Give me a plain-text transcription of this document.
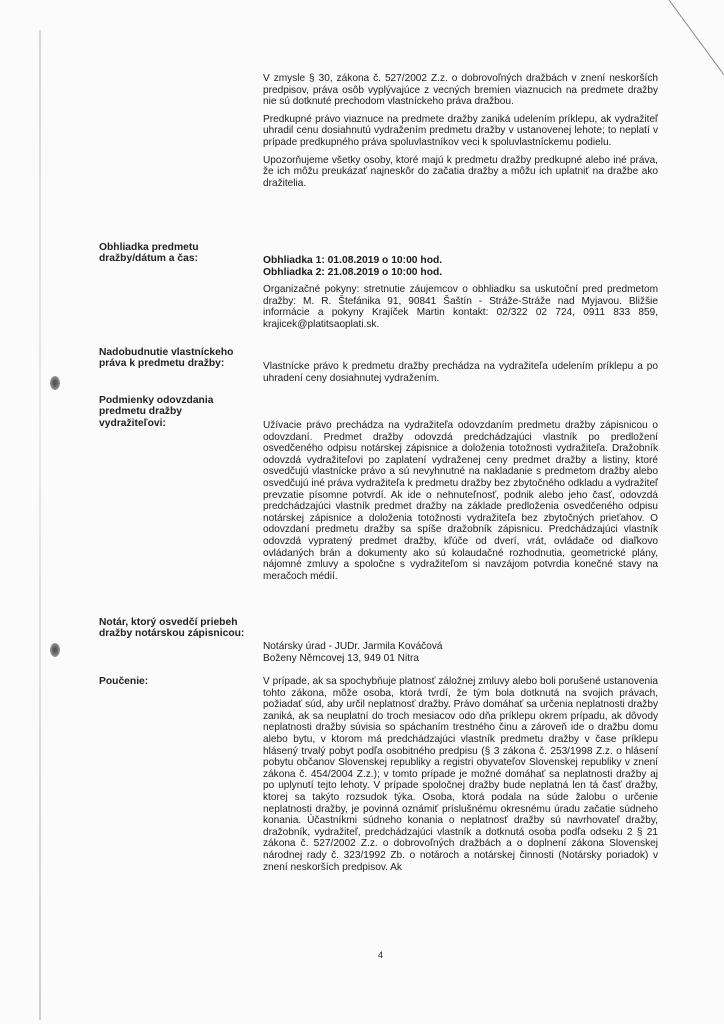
V zmysle § 30, zákona č. 527/2002 Z.z. o dobrovoľných dražbách v znení neskorších predpisov, práva osôb vyplývajúce z vecných bremien viaznucich na predmete dražby nie sú dotknuté prechodom vlastníckeho práva dražbou.

Predkupné právo viaznuce na predmete dražby zaniká udelením príklepu, ak vydražiteľ uhradil cenu dosiahnutú vydražením predmetu dražby v ustanovenej lehote; to neplatí v prípade predkupného práva spoluvlastníkov veci k spoluvlastníckemu podielu.

Upozorňujeme všetky osoby, ktoré majú k predmetu dražby predkupné alebo iné práva, že ich môžu preukázať najneskôr do začatia dražby a môžu ich uplatniť na dražbe ako dražitelia.

Obhliadka predmetu dražby/dátum a čas:	Obhliadka 1: 01.08.2019 o 10:00 hod.
Obhliadka 2: 21.08.2019 o 10:00 hod.

Organizačné pokyny: stretnutie záujemcov o obhliadku sa uskutoční pred predmetom dražby: M. R. Štefánika 91, 90841 Šaštín - Stráže-Stráže nad Myjavou. Bližšie informácie a pokyny Krajíček Martin kontakt: 02/322 02 724, 0911 833 859, krajicek@platitsaoplati.sk.

Nadobudnutie vlastníckeho práva k predmetu dražby:	Vlastnícke právo k predmetu dražby prechádza na vydražiteľa udelením príklepu a po uhradení ceny dosiahnutej vydražením.

Podmienky odovzdania predmetu dražby vydražiteľovi:	Užívacie právo prechádza na vydražiteľa odovzdaním predmetu dražby zápisnicou o odovzdaní. Predmet dražby odovzdá predchádzajúci vlastník po predložení osvedčeného odpisu notárskej zápisnice a doloženia totožnosti vydražiteľa. Dražobník odovzdá vydražiteľovi po zaplatení vydraženej ceny predmet dražby a listiny, ktoré osvedčujú vlastnícke právo a sú nevyhnutné na nakladanie s predmetom dražby alebo osvedčujú iné práva vydražiteľa k predmetu dražby bez zbytočného odkladu a vydražiteľ prevzatie písomne potvrdí. Ak ide o nehnuteľnosť, podnik alebo jeho časť, odovzdá predchádzajúci vlastník predmet dražby na základe predloženia osvedčeného odpisu notárskej zápisnice a doloženia totožnosti vydražiteľa bez zbytočných prieťahov. O odovzdaní predmetu dražby sa spíše dražobník zápisnicu. Predchádzajúci vlastník odovzdá vypratený predmet dražby, kľúče od dverí, vrát, ovládače od diaľkovo ovládaných brán a dokumenty ako sú kolaudačné rozhodnutia, geometrické plány, nájomné zmluvy a spoločne s vydražiteľom si navzájom potvrdia konečné stavy na meračoch médií.

Notár, ktorý osvedčí priebeh dražby notárskou zápisnicou:
Notársky úrad - JUDr. Jarmila Kováčová
Boženy Němcovej 13, 949 01 Nitra
Poučenie:	V prípade, ak sa spochybňuje platnosť záložnej zmluvy alebo boli porušené ustanovenia tohto zákona, môže osoba, ktorá tvrdí, že tým bola dotknutá na svojich právach, požiadať súd, aby určil neplatnosť dražby. Právo domáhať sa určenia neplatnosti dražby zaniká, ak sa neuplatní do troch mesiacov odo dňa príklepu okrem prípadu, ak dôvody neplatnosti dražby súvisia so spáchaním trestného činu a zároveň ide o dražbu domu alebo bytu, v ktorom má predchádzajúci vlastník predmetu dražby v čase príklepu hlásený trvalý pobyt podľa osobitného predpisu (§ 3 zákona č. 253/1998 Z.z. o hlásení pobytu občanov Slovenskej republiky a registri obyvateľov Slovenskej republiky v znení zákona č. 454/2004 Z.z.); v tomto prípade je možné domáhať sa neplatnosti dražby aj po uplynutí tejto lehoty. V prípade spoločnej dražby bude neplatná len tá časť dražby, ktorej sa takýto rozsudok týka. Osoba, ktorá podala na súde žalobu o určenie neplatnosti dražby, je povinná oznámiť príslušnému okresnému úradu začatie súdneho konania. Účastníkmi súdneho konania o neplatnosť dražby sú navrhovateľ dražby, dražobník, vydražiteľ, predchádzajúci vlastník a dotknutá osoba podľa odseku 2 § 21 zákona č. 527/2002 Z.z. o dobrovoľných dražbách a o doplnení zákona Slovenskej národnej rady č. 323/1992 Zb. o notároch a notárskej činnosti (Notársky poriadok) v znení neskorších predpisov. Ak

4
